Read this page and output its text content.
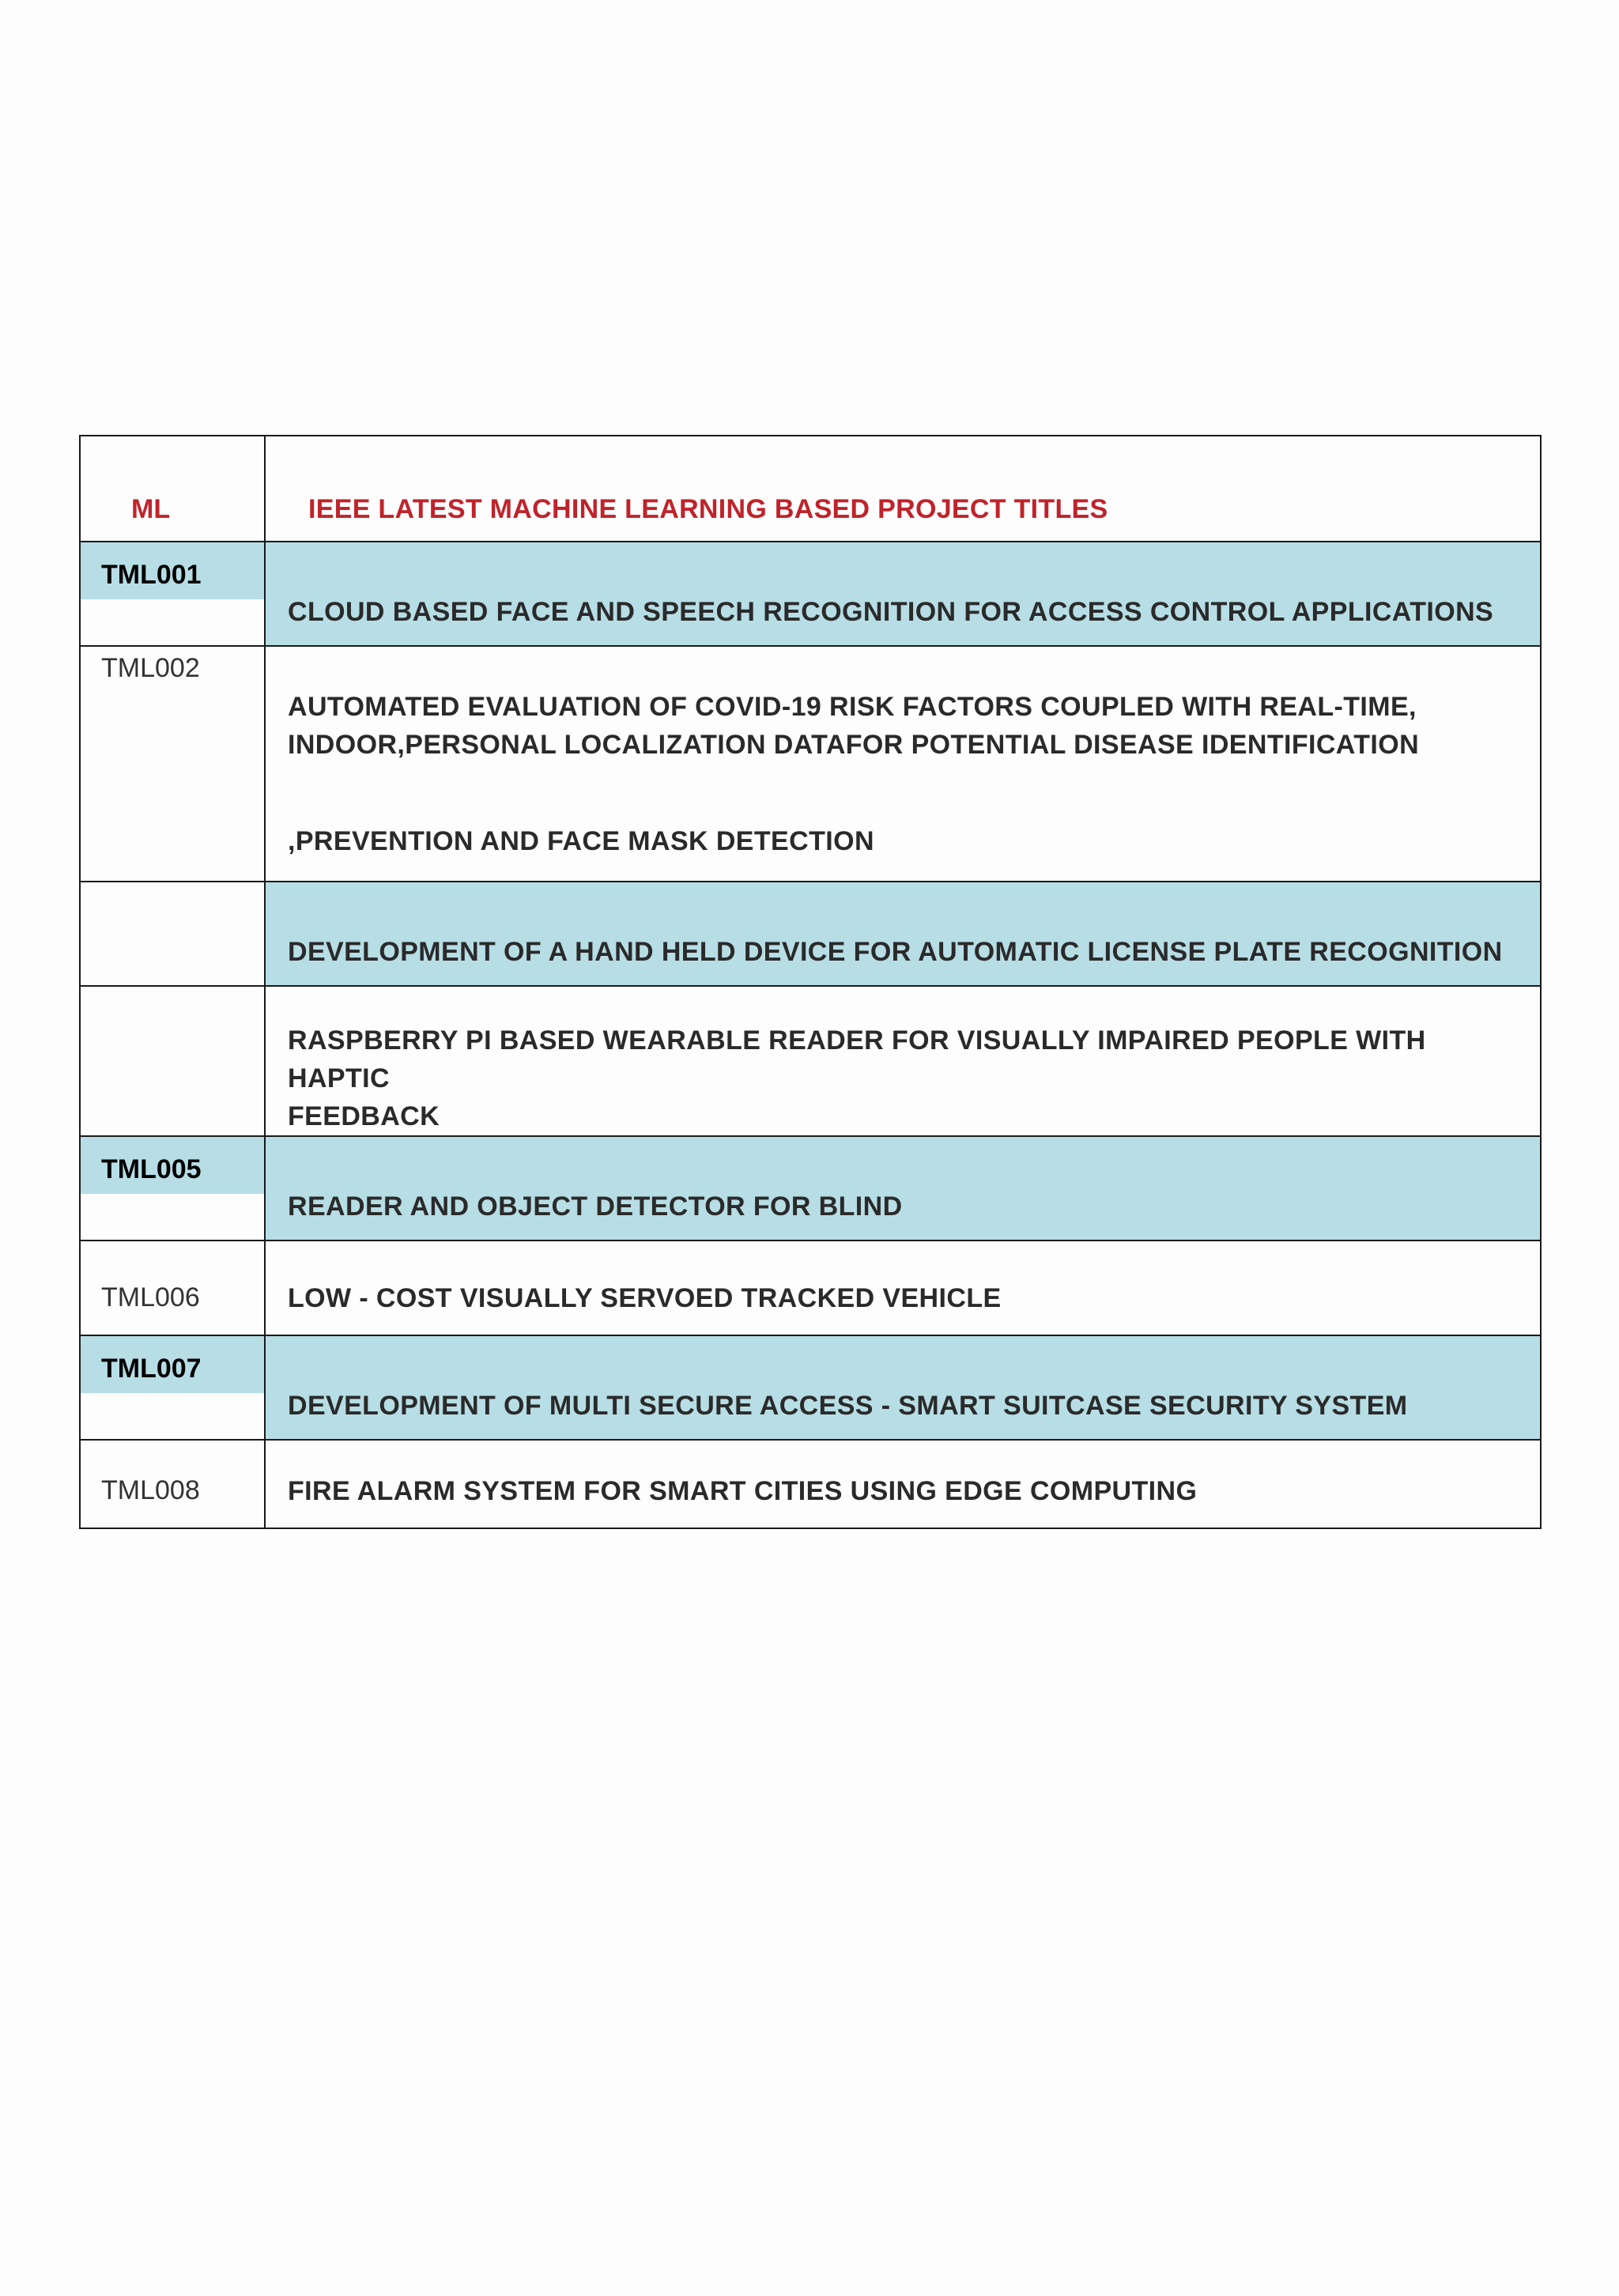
ML	IEEE LATEST MACHINE LEARNING BASED PROJECT TITLES

TML001	CLOUD BASED FACE AND SPEECH RECOGNITION FOR ACCESS CONTROL APPLICATIONS

TML002	AUTOMATED EVALUATION OF COVID-19 RISK FACTORS COUPLED WITH REAL-TIME,
INDOOR,PERSONAL LOCALIZATION DATAFOR POTENTIAL DISEASE IDENTIFICATION
,PREVENTION AND FACE MASK DETECTION

	DEVELOPMENT OF A HAND HELD DEVICE FOR AUTOMATIC LICENSE PLATE RECOGNITION

	RASPBERRY PI BASED WEARABLE READER FOR VISUALLY IMPAIRED PEOPLE WITH HAPTIC
FEEDBACK

TML005	READER AND OBJECT DETECTOR FOR BLIND

TML006	LOW - COST VISUALLY SERVOED TRACKED VEHICLE

TML007	DEVELOPMENT OF MULTI SECURE ACCESS - SMART SUITCASE SECURITY SYSTEM

TML008	FIRE ALARM SYSTEM FOR SMART CITIES USING EDGE COMPUTING
